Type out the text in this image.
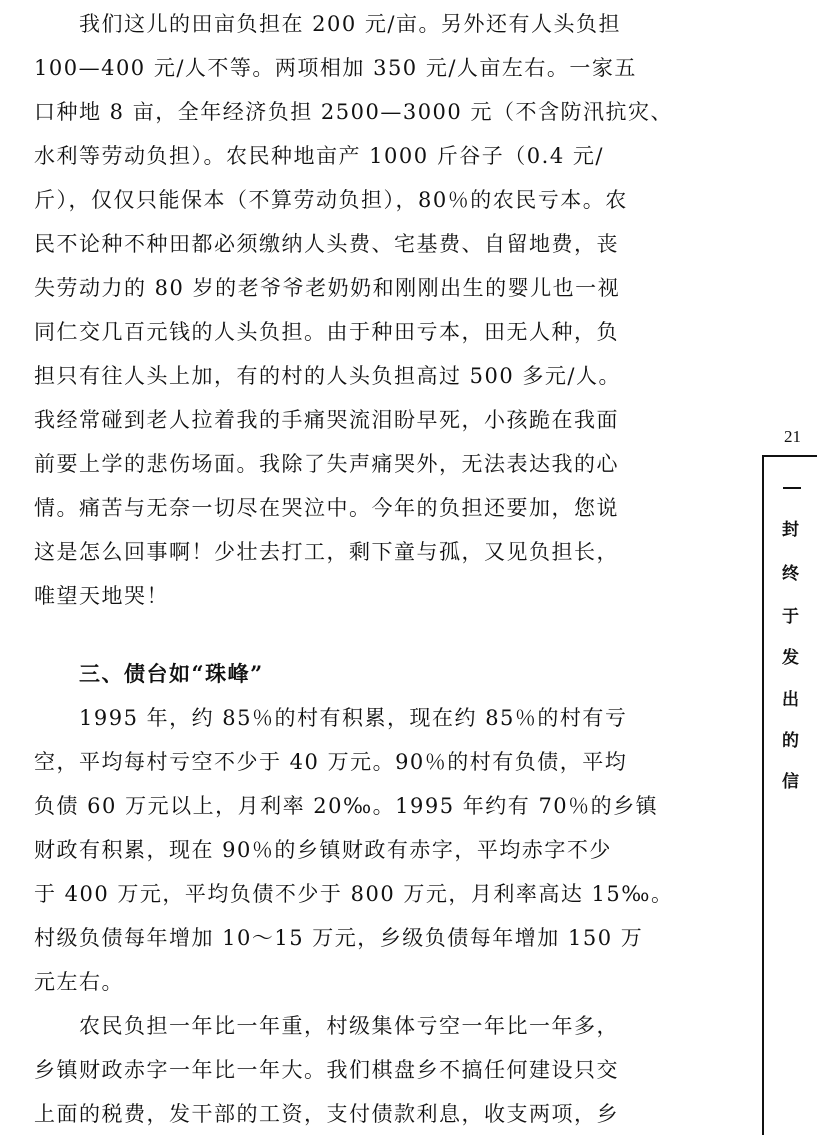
　　我们这儿的田亩负担在 200 元/亩。另外还有人头负担
100—400 元/人不等。两项相加 350 元/人亩左右。一家五
口种地 8 亩，全年经济负担 2500—3000 元（不含防汛抗灾、
水利等劳动负担）。农民种地亩产 1000 斤谷子（0.4 元/
斤），仅仅只能保本（不算劳动负担），80％的农民亏本。农
民不论种不种田都必须缴纳人头费、宅基费、自留地费，丧
失劳动力的 80 岁的老爷爷老奶奶和刚刚出生的婴儿也一视
同仁交几百元钱的人头负担。由于种田亏本，田无人种，负
担只有往人头上加，有的村的人头负担高过 500 多元/人。
我经常碰到老人拉着我的手痛哭流泪盼早死，小孩跪在我面
前要上学的悲伤场面。我除了失声痛哭外，无法表达我的心
情。痛苦与无奈一切尽在哭泣中。今年的负担还要加，您说
这是怎么回事啊！少壮去打工，剩下童与孤，又见负担长，
唯望天地哭！
　　三、债台如“珠峰”
　　1995 年，约 85％的村有积累，现在约 85％的村有亏
空，平均每村亏空不少于 40 万元。90％的村有负债，平均
负债 60 万元以上，月利率 20‰。1995 年约有 70％的乡镇
财政有积累，现在 90％的乡镇财政有赤字，平均赤字不少
于 400 万元，平均负债不少于 800 万元，月利率高达 15‰。
村级负债每年增加 10～15 万元，乡级负债每年增加 150 万
元左右。
　　农民负担一年比一年重，村级集体亏空一年比一年多，
乡镇财政赤字一年比一年大。我们棋盘乡不搞任何建设只交
上面的税费，发干部的工资，支付债款利息，收支两项，乡
21
封
终
于
发
出
的
信
